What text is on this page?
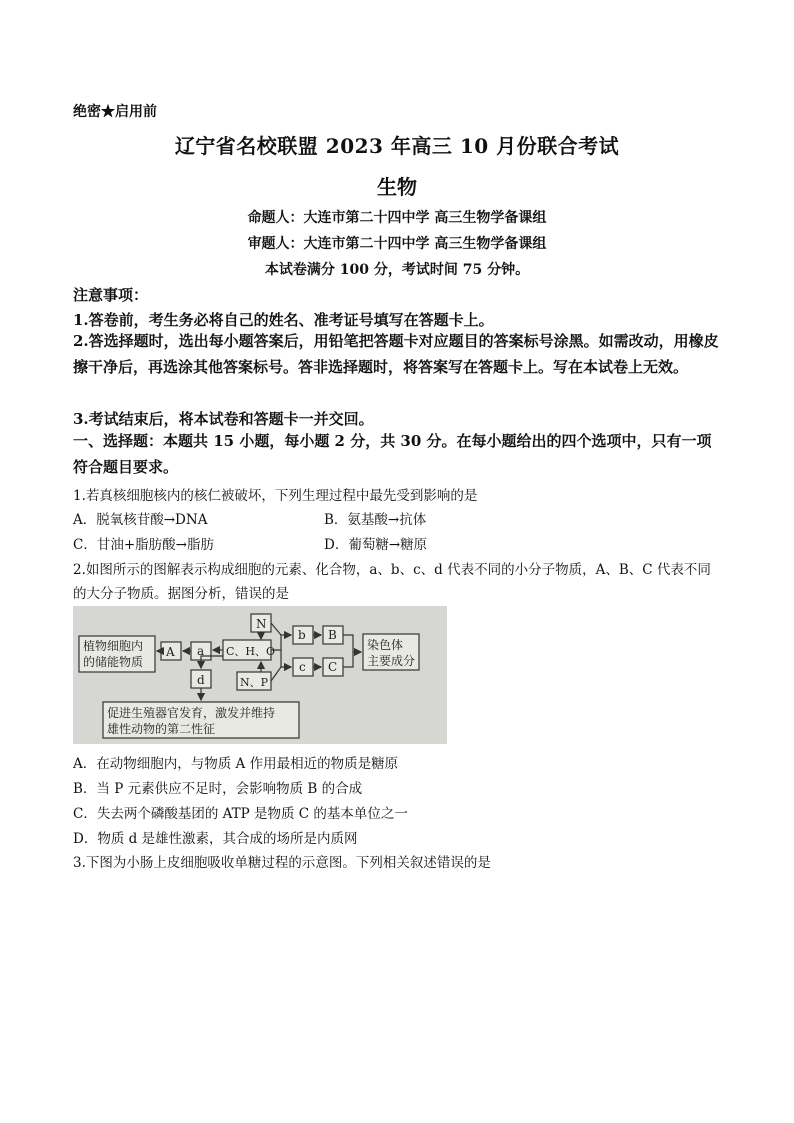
绝密★启用前
辽宁省名校联盟 2023 年高三 10 月份联合考试
生物
命题人：大连市第二十四中学 高三生物学备课组
审题人：大连市第二十四中学 高三生物学备课组
本试卷满分 100 分，考试时间 75 分钟。
注意事项：
1.答卷前，考生务必将自己的姓名、准考证号填写在答题卡上。
2.答选择题时，选出每小题答案后，用铅笔把答题卡对应题目的答案标号涂黑。如需改动，用橡皮擦干净后，再选涂其他答案标号。答非选择题时，将答案写在答题卡上。写在本试卷上无效。
3.考试结束后，将本试卷和答题卡一并交回。
一、选择题：本题共 15 小题，每小题 2 分，共 30 分。在每小题给出的四个选项中，只有一项符合题目要求。
1.若真核细胞核内的核仁被破坏，下列生理过程中最先受到影响的是
A．脱氧核苷酸→DNA	B．氨基酸→抗体
C．甘油+脂肪酸→脂肪	D．葡萄糖→糖原
2.如图所示的图解表示构成细胞的元素、化合物，a、b、c、d 代表不同的小分子物质，A、B、C 代表不同
的大分子物质。据图分析，错误的是
植物细胞内
的储能物质
A a C、H、O
N
N、P
b B
c C
染色体
主要成分
d
促进生殖器官发育，激发并维持
雄性动物的第二性征
A．在动物细胞内，与物质 A 作用最相近的物质是糖原
B．当 P 元素供应不足时，会影响物质 B 的合成
C．失去两个磷酸基团的 ATP 是物质 C 的基本单位之一
D．物质 d 是雄性激素，其合成的场所是内质网
3.下图为小肠上皮细胞吸收单糖过程的示意图。下列相关叙述错误的是
